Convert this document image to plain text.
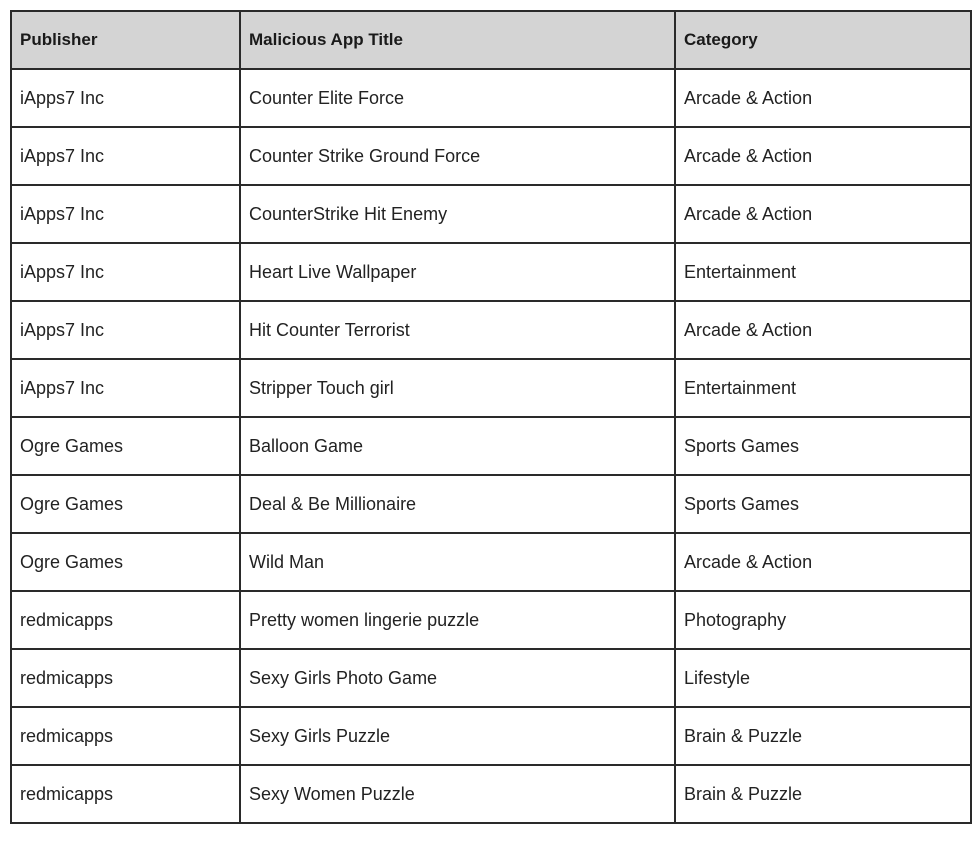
Publisher	Malicious App Title	Category
iApps7 Inc	Counter Elite Force	Arcade & Action
iApps7 Inc	Counter Strike Ground Force	Arcade & Action
iApps7 Inc	CounterStrike Hit Enemy	Arcade & Action
iApps7 Inc	Heart Live Wallpaper	Entertainment
iApps7 Inc	Hit Counter Terrorist	Arcade & Action
iApps7 Inc	Stripper Touch girl	Entertainment
Ogre Games	Balloon Game	Sports Games
Ogre Games	Deal & Be Millionaire	Sports Games
Ogre Games	Wild Man	Arcade & Action
redmicapps	Pretty women lingerie puzzle	Photography
redmicapps	Sexy Girls Photo Game	Lifestyle
redmicapps	Sexy Girls Puzzle	Brain & Puzzle
redmicapps	Sexy Women Puzzle	Brain & Puzzle
